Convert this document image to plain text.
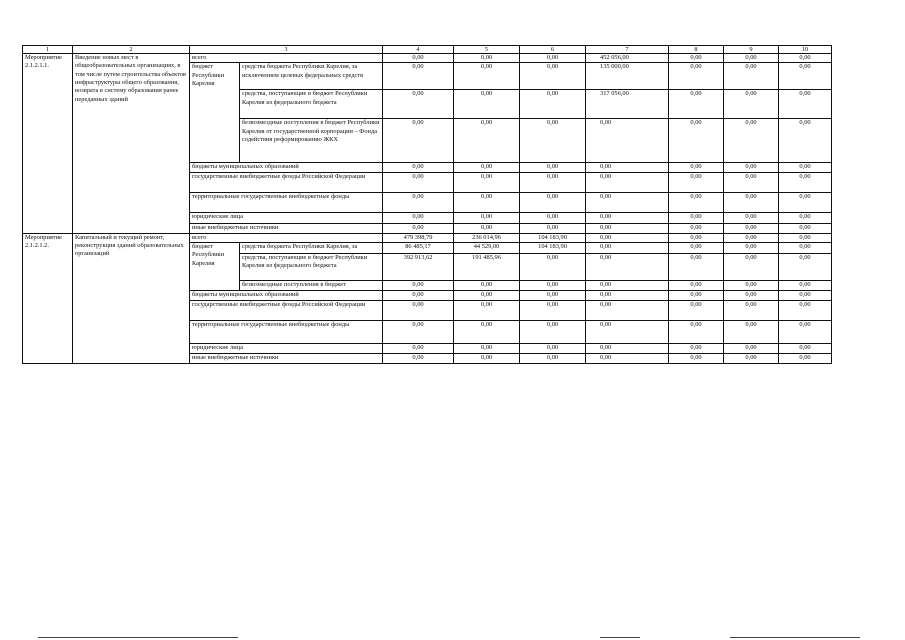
1	2	3		4	5	6	7	8	9	10
Мероприятие 2.1.2.1.1.	Введение новых мест в общеобразовательных организациях, в том числе путем строительства объектов инфраструктуры общего образования, возврата в систему образования ранее переданных зданий	всего		0,00	0,00	0,00	452 056,00	0,00	0,00	0,00
		бюджет Республики Карелия	средства бюджета Республики Карелия, за исключением целевых федеральных средств	0,00	0,00	0,00	135 000,00	0,00	0,00	0,00
			средства, поступающие в бюджет Республики Карелия из федерального бюджета	0,00	0,00	0,00	317 056,00	0,00	0,00	0,00
			безвозмездные поступления в бюджет Республики Карелия от государственной корпорации – Фонда содействия реформированию ЖКХ	0,00	0,00	0,00	0,00	0,00	0,00	0,00
		бюджеты муниципальных образований		0,00	0,00	0,00	0,00	0,00	0,00	0,00
		государственные внебюджетные фонды Российской Федерации		0,00	0,00	0,00	0,00	0,00	0,00	0,00
		территориальные государственные внебюджетные фонды		0,00	0,00	0,00	0,00	0,00	0,00	0,00
		юридические лица		0,00	0,00	0,00	0,00	0,00	0,00	0,00
		иные внебюджетные источники		0,00	0,00	0,00	0,00	0,00	0,00	0,00
Мероприятие 2.1.2.1.2.	Капитальный и текущий ремонт, реконструкция зданий образовательных организаций	всего		479 398,79	236 014,96	104 183,90	0,00	0,00	0,00	0,00
		бюджет Республики Карелия	средства бюджета Республики Карелия, за	86 485,17	44 529,00	104 183,90	0,00	0,00	0,00	0,00
			средства, поступающие в бюджет Республики Карелия из федерального бюджета	392 913,62	191 485,96	0,00	0,00	0,00	0,00	0,00
			безвозмездные поступления в бюджет	0,00	0,00	0,00	0,00	0,00	0,00	0,00
		бюджеты муниципальных образований		0,00	0,00	0,00	0,00	0,00	0,00	0,00
		государственные внебюджетные фонды Российской Федерации		0,00	0,00	0,00	0,00	0,00	0,00	0,00
		территориальные государственные внебюджетные фонды		0,00	0,00	0,00	0,00	0,00	0,00	0,00
		юридические лица		0,00	0,00	0,00	0,00	0,00	0,00	0,00
		иные внебюджетные источники		0,00	0,00	0,00	0,00	0,00	0,00	0,00
